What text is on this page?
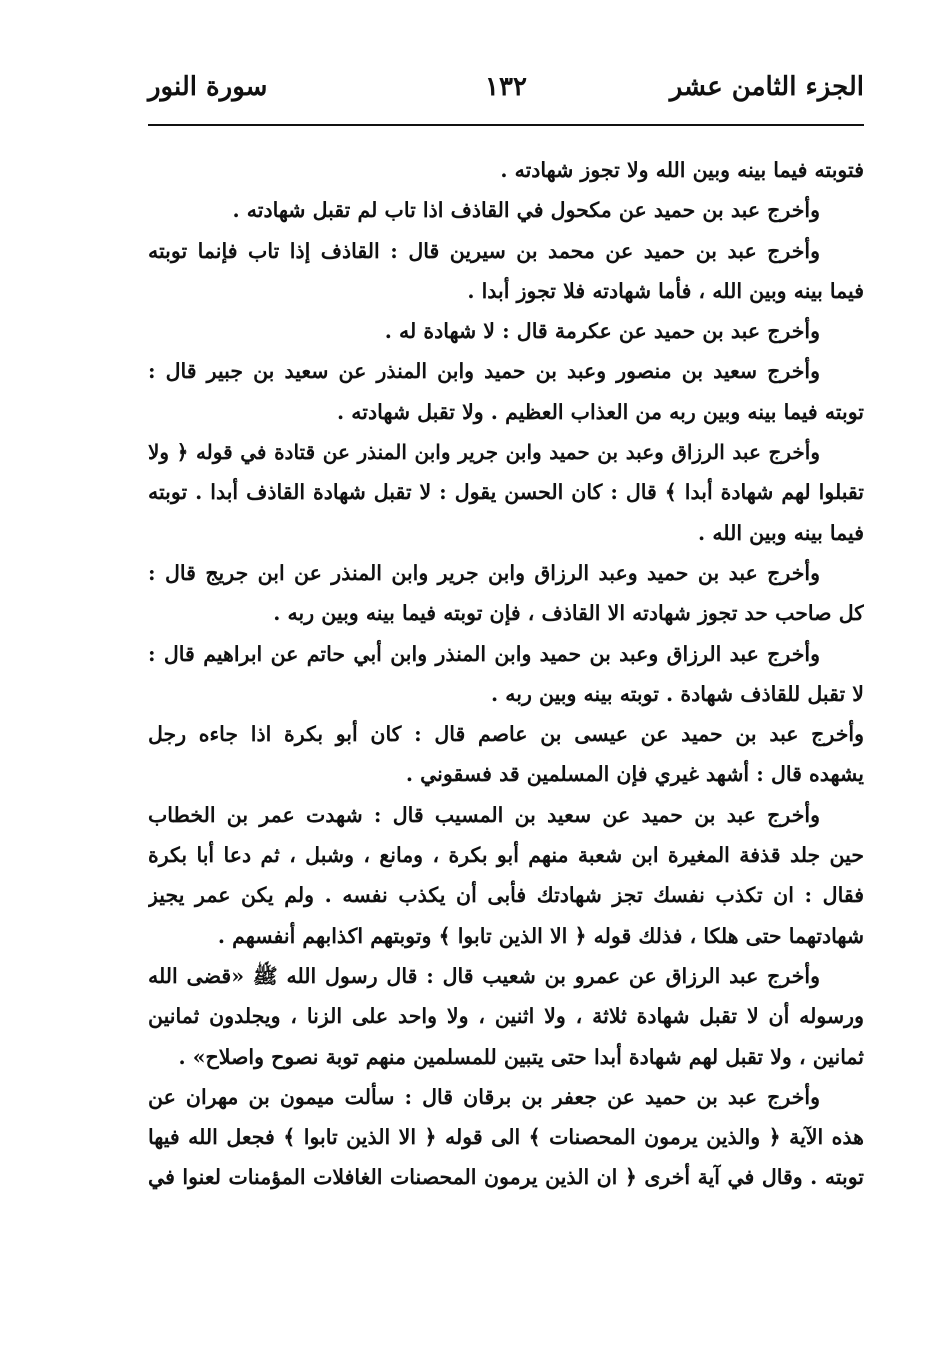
الجزء الثامن عشر
١٣٢
سورة النور
فتوبته فيما بينه وبين الله ولا تجوز شهادته .
وأخرج عبد بن حميد عن مكحول في القاذف اذا تاب لم تقبل شهادته .
وأخرج عبد بن حميد عن محمد بن سيرين قال : القاذف إذا تاب فإنما توبته
فيما بينه وبين الله ، فأما شهادته فلا تجوز أبدا .
وأخرج عبد بن حميد عن عكرمة قال : لا شهادة له .
وأخرج سعيد بن منصور وعبد بن حميد وابن المنذر عن سعيد بن جبير قال :
توبته فيما بينه وبين ربه من العذاب العظيم . ولا تقبل شهادته .
وأخرج عبد الرزاق وعبد بن حميد وابن جرير وابن المنذر عن قتادة في قوله ﴿ ولا
تقبلوا لهم شهادة أبدا ﴾ قال : كان الحسن يقول : لا تقبل شهادة القاذف أبدا . توبته
فيما بينه وبين الله .
وأخرج عبد بن حميد وعبد الرزاق وابن جرير وابن المنذر عن ابن جريج قال :
كل صاحب حد تجوز شهادته الا القاذف ، فإن توبته فيما بينه وبين ربه .
وأخرج عبد الرزاق وعبد بن حميد وابن المنذر وابن أبي حاتم عن ابراهيم قال :
لا تقبل للقاذف شهادة . توبته بينه وبين ربه .
وأخرج عبد بن حميد عن عيسى بن عاصم قال : كان أبو بكرة اذا جاءه رجل
يشهده قال : أشهد غيري فإن المسلمين قد فسقوني .
وأخرج عبد بن حميد عن سعيد بن المسيب قال : شهدت عمر بن الخطاب
حين جلد قذفة المغيرة ابن شعبة منهم أبو بكرة ، ومانع ، وشبل ، ثم دعا أبا بكرة
فقال : ان تكذب نفسك تجز شهادتك فأبى أن يكذب نفسه . ولم يكن عمر يجيز
شهادتهما حتى هلكا ، فذلك قوله ﴿ الا الذين تابوا ﴾ وتوبتهم اكذابهم أنفسهم .
وأخرج عبد الرزاق عن عمرو بن شعيب قال : قال رسول الله ﷺ «قضى الله
ورسوله أن لا تقبل شهادة ثلاثة ، ولا اثنين ، ولا واحد على الزنا ، ويجلدون ثمانين
ثمانين ، ولا تقبل لهم شهادة أبدا حتى يتبين للمسلمين منهم توبة نصوح واصلاح» .
وأخرج عبد بن حميد عن جعفر بن برقان قال : سألت ميمون بن مهران عن
هذه الآية ﴿ والذين يرمون المحصنات ﴾ الى قوله ﴿ الا الذين تابوا ﴾ فجعل الله فيها
توبته . وقال في آية أخرى ﴿ ان الذين يرمون المحصنات الغافلات المؤمنات لعنوا في
